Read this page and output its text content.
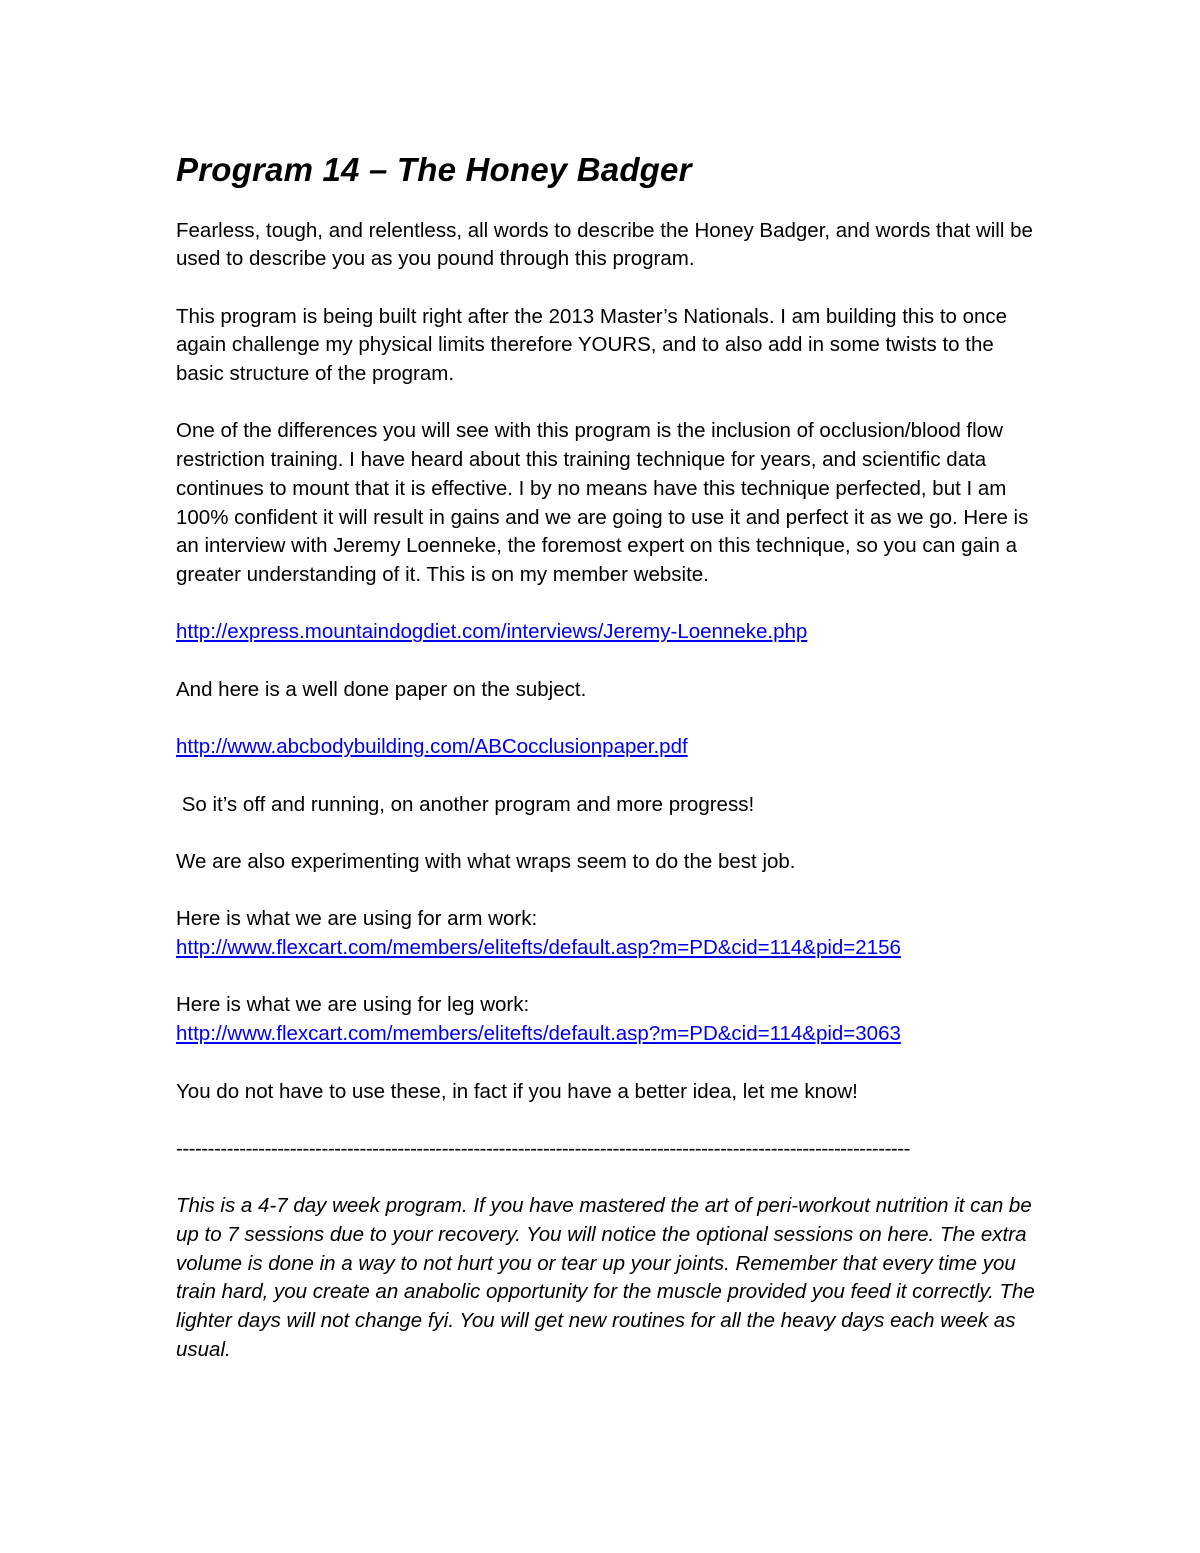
Program 14 – The Honey Badger

Fearless, tough, and relentless, all words to describe the Honey Badger, and words that will be used to describe you as you pound through this program.

This program is being built right after the 2013 Master’s Nationals. I am building this to once again challenge my physical limits therefore YOURS, and to also add in some twists to the basic structure of the program.

One of the differences you will see with this program is the inclusion of occlusion/blood flow restriction training. I have heard about this training technique for years, and scientific data continues to mount that it is effective. I by no means have this technique perfected, but I am 100% confident it will result in gains and we are going to use it and perfect it as we go. Here is an interview with Jeremy Loenneke, the foremost expert on this technique, so you can gain a greater understanding of it. This is on my member website.

http://express.mountaindogdiet.com/interviews/Jeremy-Loenneke.php

And here is a well done paper on the subject.

http://www.abcbodybuilding.com/ABCocclusionpaper.pdf

So it’s off and running, on another program and more progress!

We are also experimenting with what wraps seem to do the best job.

Here is what we are using for arm work:

http://www.flexcart.com/members/elitefts/default.asp?m=PD&cid=114&pid=2156

Here is what we are using for leg work:

http://www.flexcart.com/members/elitefts/default.asp?m=PD&cid=114&pid=3063

You do not have to use these, in fact if you have a better idea, let me know!

--------------------------------------------------------------------------------------------------------------------

This is a 4-7 day week program. If you have mastered the art of peri-workout nutrition it can be up to 7 sessions due to your recovery. You will notice the optional sessions on here. The extra volume is done in a way to not hurt you or tear up your joints. Remember that every time you train hard, you create an anabolic opportunity for the muscle provided you feed it correctly. The lighter days will not change fyi. You will get new routines for all the heavy days each week as usual.
